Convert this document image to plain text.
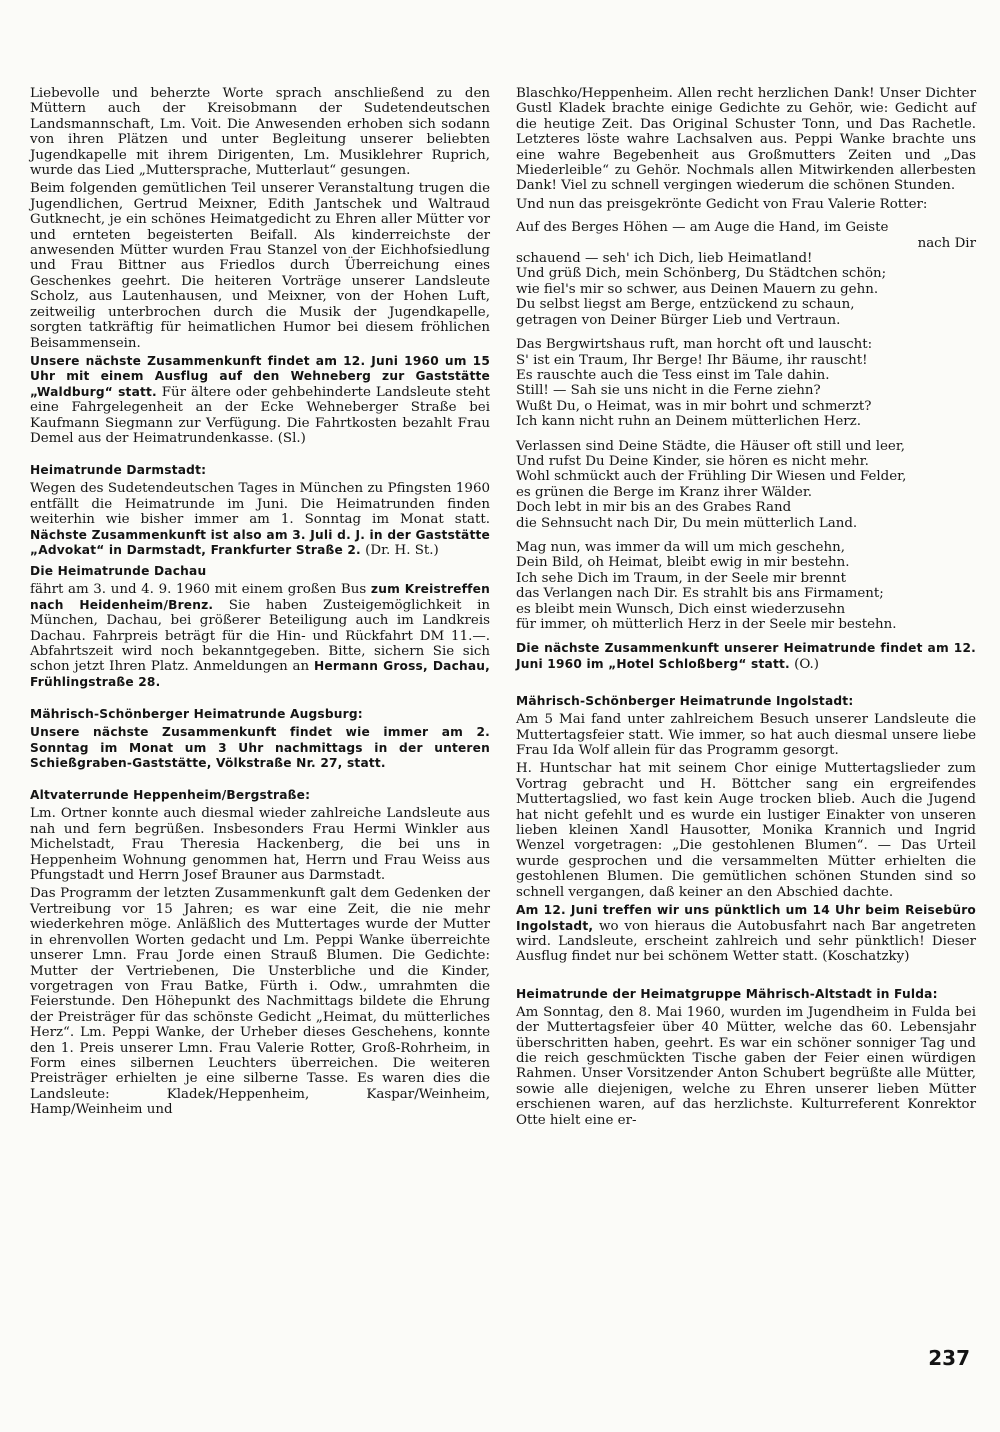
Liebevolle und beherzte Worte sprach anschließend zu den Müttern auch der Kreisobmann der Sudetendeutschen Landsmannschaft, Lm. Voit. Die Anwesenden erhoben sich sodann von ihren Plätzen und unter Begleitung unserer beliebten Jugendkapelle mit ihrem Dirigenten, Lm. Musiklehrer Ruprich, wurde das Lied „Muttersprache, Mutterlaut“ gesungen.

Beim folgenden gemütlichen Teil unserer Veranstaltung trugen die Jugendlichen, Gertrud Meixner, Edith Jantschek und Waltraud Gutknecht, je ein schönes Heimatgedicht zu Ehren aller Mütter vor und ernteten begeisterten Beifall. Als kinderreichste der anwesenden Mütter wurden Frau Stanzel von der Eichhofsiedlung und Frau Bittner aus Friedlos durch Überreichung eines Geschenkes geehrt. Die heiteren Vorträge unserer Landsleute Scholz, aus Lautenhausen, und Meixner, von der Hohen Luft, zeitweilig unterbrochen durch die Musik der Jugendkapelle, sorgten tatkräftig für heimatlichen Humor bei diesem fröhlichen Beisammensein.

Unsere nächste Zusammenkunft findet am 12. Juni 1960 um 15 Uhr mit einem Ausflug auf den Wehneberg zur Gaststätte „Waldburg“ statt. Für ältere oder gehbehinderte Landsleute steht eine Fahrgelegenheit an der Ecke Wehneberger Straße bei Kaufmann Siegmann zur Verfügung. Die Fahrtkosten bezahlt Frau Demel aus der Heimatrundenkasse. (Sl.)

Heimatrunde Darmstadt:

Wegen des Sudetendeutschen Tages in München zu Pfingsten 1960 entfällt die Heimatrunde im Juni. Die Heimatrunden finden weiterhin wie bisher immer am 1. Sonntag im Monat statt. Nächste Zusammenkunft ist also am 3. Juli d. J. in der Gaststätte „Advokat“ in Darmstadt, Frankfurter Straße 2. (Dr. H. St.)

Die Heimatrunde Dachau

fährt am 3. und 4. 9. 1960 mit einem großen Bus zum Kreistreffen nach Heidenheim/Brenz. Sie haben Zusteigemöglichkeit in München, Dachau, bei größerer Beteiligung auch im Landkreis Dachau. Fahrpreis beträgt für die Hin- und Rückfahrt DM 11.—. Abfahrtszeit wird noch bekanntgegeben. Bitte, sichern Sie sich schon jetzt Ihren Platz. Anmeldungen an Hermann Gross, Dachau, Frühlingstraße 28.

Mährisch-Schönberger Heimatrunde Augsburg:

Unsere nächste Zusammenkunft findet wie immer am 2. Sonntag im Monat um 3 Uhr nachmittags in der unteren Schießgraben-Gaststätte, Völkstraße Nr. 27, statt.

Altvaterrunde Heppenheim/Bergstraße:

Lm. Ortner konnte auch diesmal wieder zahlreiche Landsleute aus nah und fern begrüßen. Insbesonders Frau Hermi Winkler aus Michelstadt, Frau Theresia Hackenberg, die bei uns in Heppenheim Wohnung genommen hat, Herrn und Frau Weiss aus Pfungstadt und Herrn Josef Brauner aus Darmstadt.

Das Programm der letzten Zusammenkunft galt dem Gedenken der Vertreibung vor 15 Jahren; es war eine Zeit, die nie mehr wiederkehren möge. Anläßlich des Muttertages wurde der Mutter in ehrenvollen Worten gedacht und Lm. Peppi Wanke überreichte unserer Lmn. Frau Jorde einen Strauß Blumen. Die Gedichte: Mutter der Vertriebenen, Die Unsterbliche und die Kinder, vorgetragen von Frau Batke, Fürth i. Odw., umrahmten die Feierstunde. Den Höhepunkt des Nachmittags bildete die Ehrung der Preisträger für das schönste Gedicht „Heimat, du mütterliches Herz“. Lm. Peppi Wanke, der Urheber dieses Geschehens, konnte den 1. Preis unserer Lmn. Frau Valerie Rotter, Groß-Rohrheim, in Form eines silbernen Leuchters überreichen. Die weiteren Preisträger erhielten je eine silberne Tasse. Es waren dies die Landsleute: Kladek/Heppenheim, Kaspar/Weinheim, Hamp/Weinheim und

Blaschko/Heppenheim. Allen recht herzlichen Dank! Unser Dichter Gustl Kladek brachte einige Gedichte zu Gehör, wie: Gedicht auf die heutige Zeit. Das Original Schuster Tonn, und Das Rachetle. Letzteres löste wahre Lachsalven aus. Peppi Wanke brachte uns eine wahre Begebenheit aus Großmutters Zeiten und „Das Miederleible“ zu Gehör. Nochmals allen Mitwirkenden allerbesten Dank! Viel zu schnell vergingen wiederum die schönen Stunden.

Und nun das preisgekrönte Gedicht von Frau Valerie Rotter:

Auf des Berges Höhen — am Auge die Hand, im Geiste
nach Dir
schauend — seh' ich Dich, lieb Heimatland!
Und grüß Dich, mein Schönberg, Du Städtchen schön;
wie fiel's mir so schwer, aus Deinen Mauern zu gehn.
Du selbst liegst am Berge, entzückend zu schaun,
getragen von Deiner Bürger Lieb und Vertraun.
Das Bergwirtshaus ruft, man horcht oft und lauscht:
S' ist ein Traum, Ihr Berge! Ihr Bäume, ihr rauscht!
Es rauschte auch die Tess einst im Tale dahin.
Still! — Sah sie uns nicht in die Ferne ziehn?
Wußt Du, o Heimat, was in mir bohrt und schmerzt?
Ich kann nicht ruhn an Deinem mütterlichen Herz.
Verlassen sind Deine Städte, die Häuser oft still und leer,
Und rufst Du Deine Kinder, sie hören es nicht mehr.
Wohl schmückt auch der Frühling Dir Wiesen und Felder,
es grünen die Berge im Kranz ihrer Wälder.
Doch lebt in mir bis an des Grabes Rand
die Sehnsucht nach Dir, Du mein mütterlich Land.
Mag nun, was immer da will um mich geschehn,
Dein Bild, oh Heimat, bleibt ewig in mir bestehn.
Ich sehe Dich im Traum, in der Seele mir brennt
das Verlangen nach Dir. Es strahlt bis ans Firmament;
es bleibt mein Wunsch, Dich einst wiederzusehn
für immer, oh mütterlich Herz in der Seele mir bestehn.

Die nächste Zusammenkunft unserer Heimatrunde findet am 12. Juni 1960 im „Hotel Schloßberg“ statt. (O.)

Mährisch-Schönberger Heimatrunde Ingolstadt:

Am 5 Mai fand unter zahlreichem Besuch unserer Landsleute die Muttertagsfeier statt. Wie immer, so hat auch diesmal unsere liebe Frau Ida Wolf allein für das Programm gesorgt.

H. Huntschar hat mit seinem Chor einige Muttertagslieder zum Vortrag gebracht und H. Böttcher sang ein ergreifendes Muttertagslied, wo fast kein Auge trocken blieb. Auch die Jugend hat nicht gefehlt und es wurde ein lustiger Einakter von unseren lieben kleinen Xandl Hausotter, Monika Krannich und Ingrid Wenzel vorgetragen: „Die gestohlenen Blumen“. — Das Urteil wurde gesprochen und die versammelten Mütter erhielten die gestohlenen Blumen. Die gemütlichen schönen Stunden sind so schnell vergangen, daß keiner an den Abschied dachte.

Am 12. Juni treffen wir uns pünktlich um 14 Uhr beim Reisebüro Ingolstadt, wo von hieraus die Autobusfahrt nach Bar angetreten wird. Landsleute, erscheint zahlreich und sehr pünktlich! Dieser Ausflug findet nur bei schönem Wetter statt. (Koschatzky)

Heimatrunde der Heimatgruppe Mährisch-Altstadt in Fulda:

Am Sonntag, den 8. Mai 1960, wurden im Jugendheim in Fulda bei der Muttertagsfeier über 40 Mütter, welche das 60. Lebensjahr überschritten haben, geehrt. Es war ein schöner sonniger Tag und die reich geschmückten Tische gaben der Feier einen würdigen Rahmen. Unser Vorsitzender Anton Schubert begrüßte alle Mütter, sowie alle diejenigen, welche zu Ehren unserer lieben Mütter erschienen waren, auf das herzlichste. Kulturreferent Konrektor Otte hielt eine er-

237
